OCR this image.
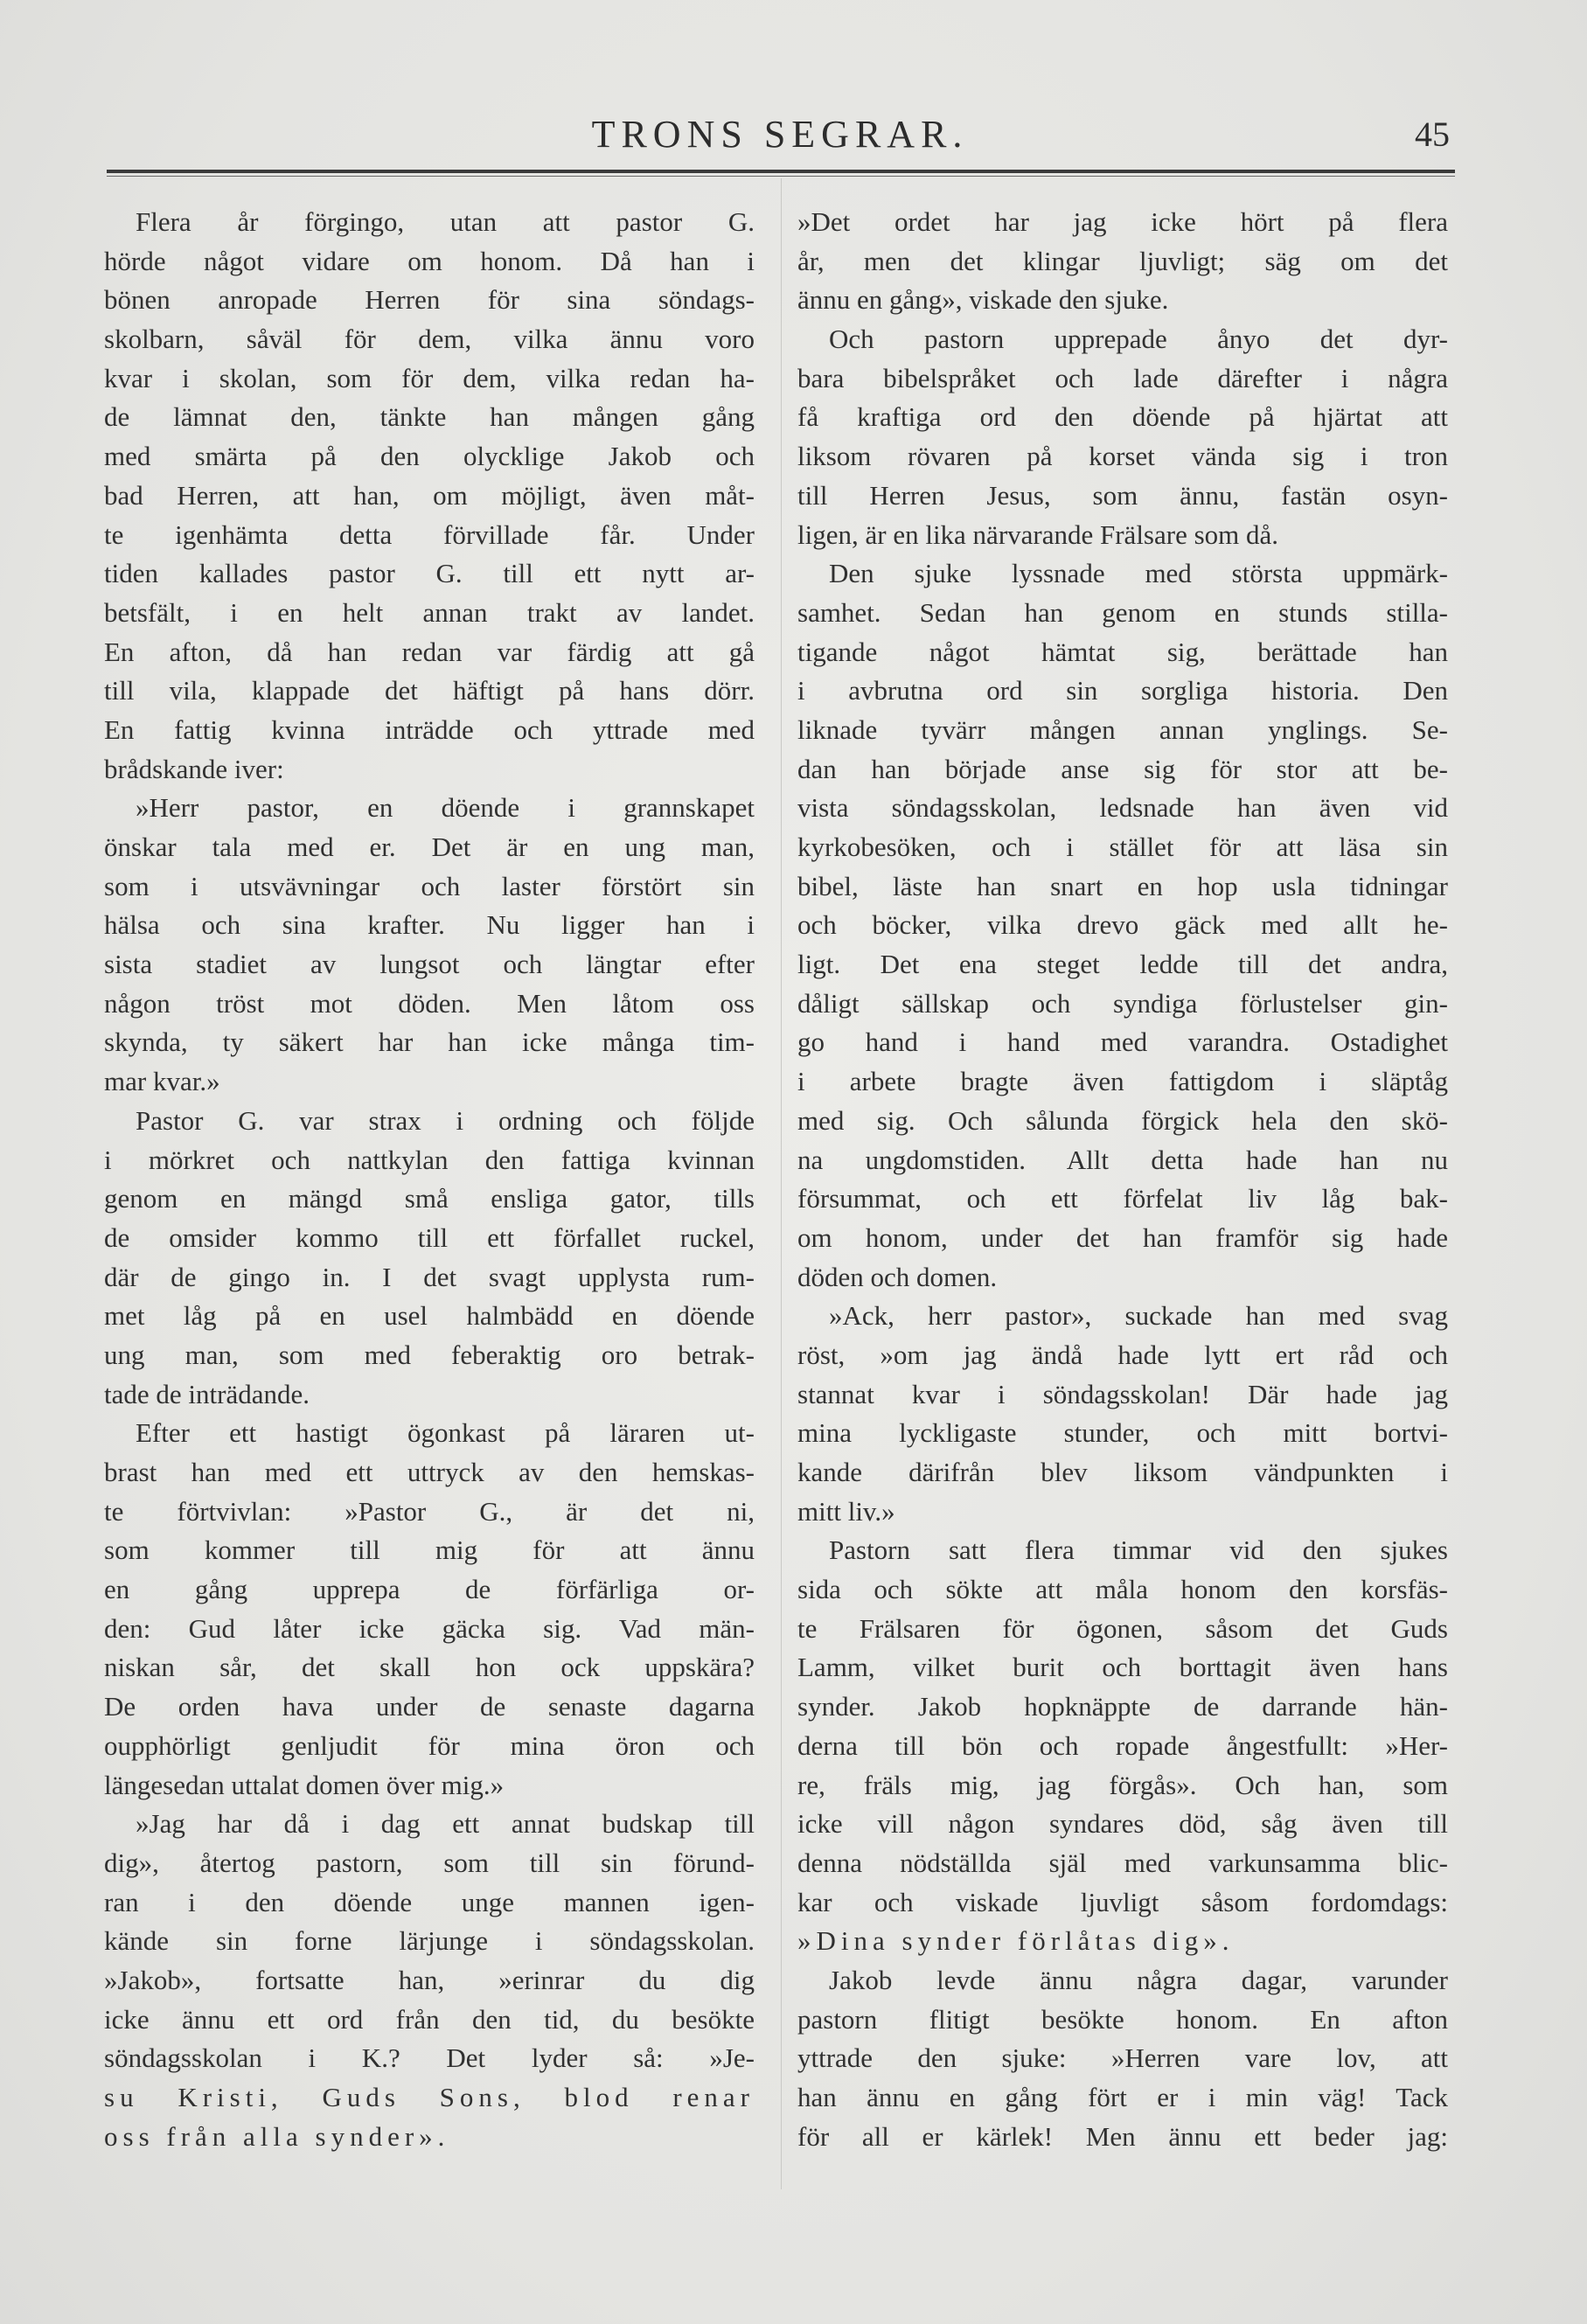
TRONS SEGRAR.	45
Flera år förgingo, utan att pastor G.
hörde något vidare om honom. Då han i
bönen anropade Herren för sina söndags-
skolbarn, såväl för dem, vilka ännu voro
kvar i skolan, som för dem, vilka redan ha-
de lämnat den, tänkte han mången gång
med smärta på den olycklige Jakob och
bad Herren, att han, om möjligt, även måt-
te igenhämta detta förvillade får. Under
tiden kallades pastor G. till ett nytt ar-
betsfält, i en helt annan trakt av landet.
En afton, då han redan var färdig att gå
till vila, klappade det häftigt på hans dörr.
En fattig kvinna inträdde och yttrade med
brådskande iver:
»Herr pastor, en döende i grannskapet
önskar tala med er. Det är en ung man,
som i utsvävningar och laster förstört sin
hälsa och sina krafter. Nu ligger han i
sista stadiet av lungsot och längtar efter
någon tröst mot döden. Men låtom oss
skynda, ty säkert har han icke många tim-
mar kvar.»
Pastor G. var strax i ordning och följde
i mörkret och nattkylan den fattiga kvinnan
genom en mängd små ensliga gator, tills
de omsider kommo till ett förfallet ruckel,
där de gingo in. I det svagt upplysta rum-
met låg på en usel halmbädd en döende
ung man, som med feberaktig oro betrak-
tade de inträdande.
Efter ett hastigt ögonkast på läraren ut-
brast han med ett uttryck av den hemskas-
te förtvivlan: »Pastor G., är det ni,
som kommer till mig för att ännu
en gång upprepa de förfärliga or-
den: Gud låter icke gäcka sig. Vad män-
niskan sår, det skall hon ock uppskära?
De orden hava under de senaste dagarna
oupphörligt genljudit för mina öron och
längesedan uttalat domen över mig.»
»Jag har då i dag ett annat budskap till
dig», återtog pastorn, som till sin förund-
ran i den döende unge mannen igen-
kände sin forne lärjunge i söndagsskolan.
»Jakob», fortsatte han, »erinrar du dig
icke ännu ett ord från den tid, du besökte
söndagsskolan i K.? Det lyder så: »Je-
su Kristi, Guds Sons, blod renar
oss från alla synder».
»Det ordet har jag icke hört på flera
år, men det klingar ljuvligt; säg om det
ännu en gång», viskade den sjuke.
Och pastorn upprepade ånyo det dyr-
bara bibelspråket och lade därefter i några
få kraftiga ord den döende på hjärtat att
liksom rövaren på korset vända sig i tron
till Herren Jesus, som ännu, fastän osyn-
ligen, är en lika närvarande Frälsare som då.
Den sjuke lyssnade med största uppmärk-
samhet. Sedan han genom en stunds stilla-
tigande något hämtat sig, berättade han
i avbrutna ord sin sorgliga historia. Den
liknade tyvärr mången annan ynglings. Se-
dan han började anse sig för stor att be-
vista söndagsskolan, ledsnade han även vid
kyrkobesöken, och i stället för att läsa sin
bibel, läste han snart en hop usla tidningar
och böcker, vilka drevo gäck med allt he-
ligt. Det ena steget ledde till det andra,
dåligt sällskap och syndiga förlustelser gin-
go hand i hand med varandra. Ostadighet
i arbete bragte även fattigdom i släptåg
med sig. Och sålunda förgick hela den skö-
na ungdomstiden. Allt detta hade han nu
försummat, och ett förfelat liv låg bak-
om honom, under det han framför sig hade
döden och domen.
»Ack, herr pastor», suckade han med svag
röst, »om jag ändå hade lytt ert råd och
stannat kvar i söndagsskolan! Där hade jag
mina lyckligaste stunder, och mitt bortvi-
kande därifrån blev liksom vändpunkten i
mitt liv.»
Pastorn satt flera timmar vid den sjukes
sida och sökte att måla honom den korsfäs-
te Frälsaren för ögonen, såsom det Guds
Lamm, vilket burit och borttagit även hans
synder. Jakob hopknäppte de darrande hän-
derna till bön och ropade ångestfullt: »Her-
re, fräls mig, jag förgås». Och han, som
icke vill någon syndares död, såg även till
denna nödställda själ med varkunsamma blic-
kar och viskade ljuvligt såsom fordomdags:
»Dina synder förlåtas dig».
Jakob levde ännu några dagar, varunder
pastorn flitigt besökte honom. En afton
yttrade den sjuke: »Herren vare lov, att
han ännu en gång fört er i min väg! Tack
för all er kärlek! Men ännu ett beder jag:
